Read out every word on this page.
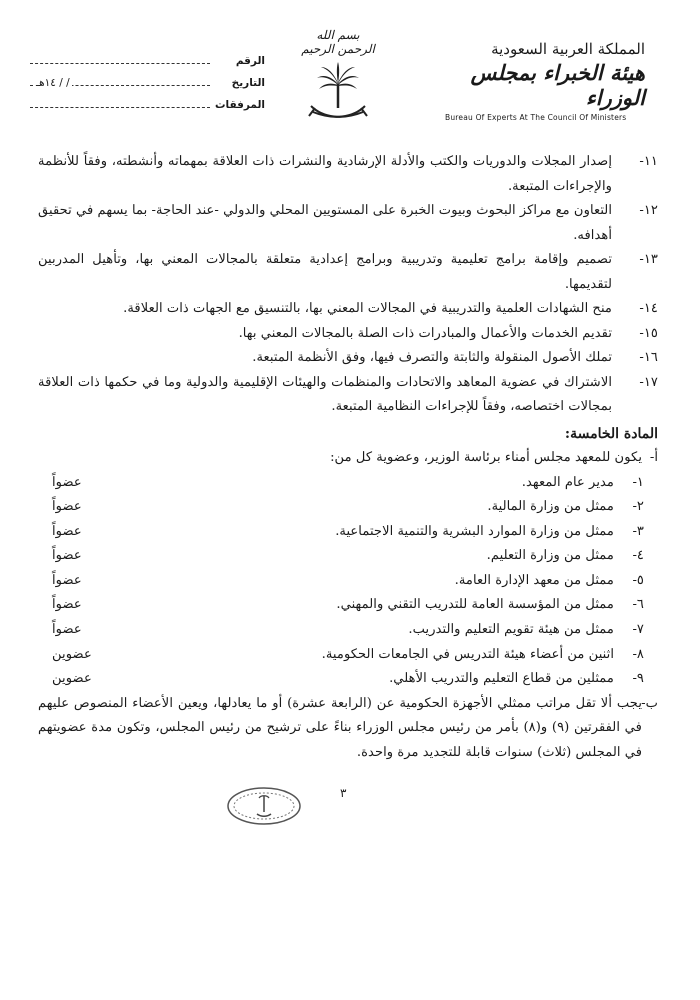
المملكة العربية السعودية
هيئة الخبراء بمجلس الوزراء
Bureau Of Experts At The Council Of Ministers
بسم الله الرحمن الرحيم
الرقم
التاريخ
/ / ١٤هـ
المرفقات
١١-
إصدار المجلات والدوريات والكتب والأدلة الإرشادية والنشرات ذات العلاقة بمهماته وأنشطته، وفقاً للأنظمة والإجراءات المتبعة.
١٢-
التعاون مع مراكز البحوث وبيوت الخبرة على المستويين المحلي والدولي -عند الحاجة- بما يسهم في تحقيق أهدافه.
١٣-
تصميم وإقامة برامج تعليمية وتدريبية وبرامج إعدادية متعلقة بالمجالات المعني بها، وتأهيل المدربين لتقديمها.
١٤-
منح الشهادات العلمية والتدريبية في المجالات المعني بها، بالتنسيق مع الجهات ذات العلاقة.
١٥-
تقديم الخدمات والأعمال والمبادرات ذات الصلة بالمجالات المعني بها.
١٦-
تملك الأصول المنقولة والثابتة والتصرف فيها، وفق الأنظمة المتبعة.
١٧-
الاشتراك في عضوية المعاهد والاتحادات والمنظمات والهيئات الإقليمية والدولية وما في حكمها ذات العلاقة بمجالات اختصاصه، وفقاً للإجراءات النظامية المتبعة.
المادة الخامسة:
أ-
يكون للمعهد مجلس أمناء برئاسة الوزير، وعضوية كل من:
١-
مدير عام المعهد.
عضواً
٢-
ممثل من وزارة المالية.
عضواً
٣-
ممثل من وزارة الموارد البشرية والتنمية الاجتماعية.
عضواً
٤-
ممثل من وزارة التعليم.
عضواً
٥-
ممثل من معهد الإدارة العامة.
عضواً
٦-
ممثل من المؤسسة العامة للتدريب التقني والمهني.
عضواً
٧-
ممثل من هيئة تقويم التعليم والتدريب.
عضواً
٨-
اثنين من أعضاء هيئة التدريس في الجامعات الحكومية.
عضوين
٩-
ممثلين من قطاع التعليم والتدريب الأهلي.
عضوين
ب-
يجب ألا تقل مراتب ممثلي الأجهزة الحكومية عن (الرابعة عشرة) أو ما يعادلها، ويعين الأعضاء المنصوص عليهم في الفقرتين (٩) و(٨) بأمر من رئيس مجلس الوزراء بناءً على ترشيح من رئيس المجلس، وتكون مدة عضويتهم في المجلس (ثلاث) سنوات قابلة للتجديد مرة واحدة.
٣
